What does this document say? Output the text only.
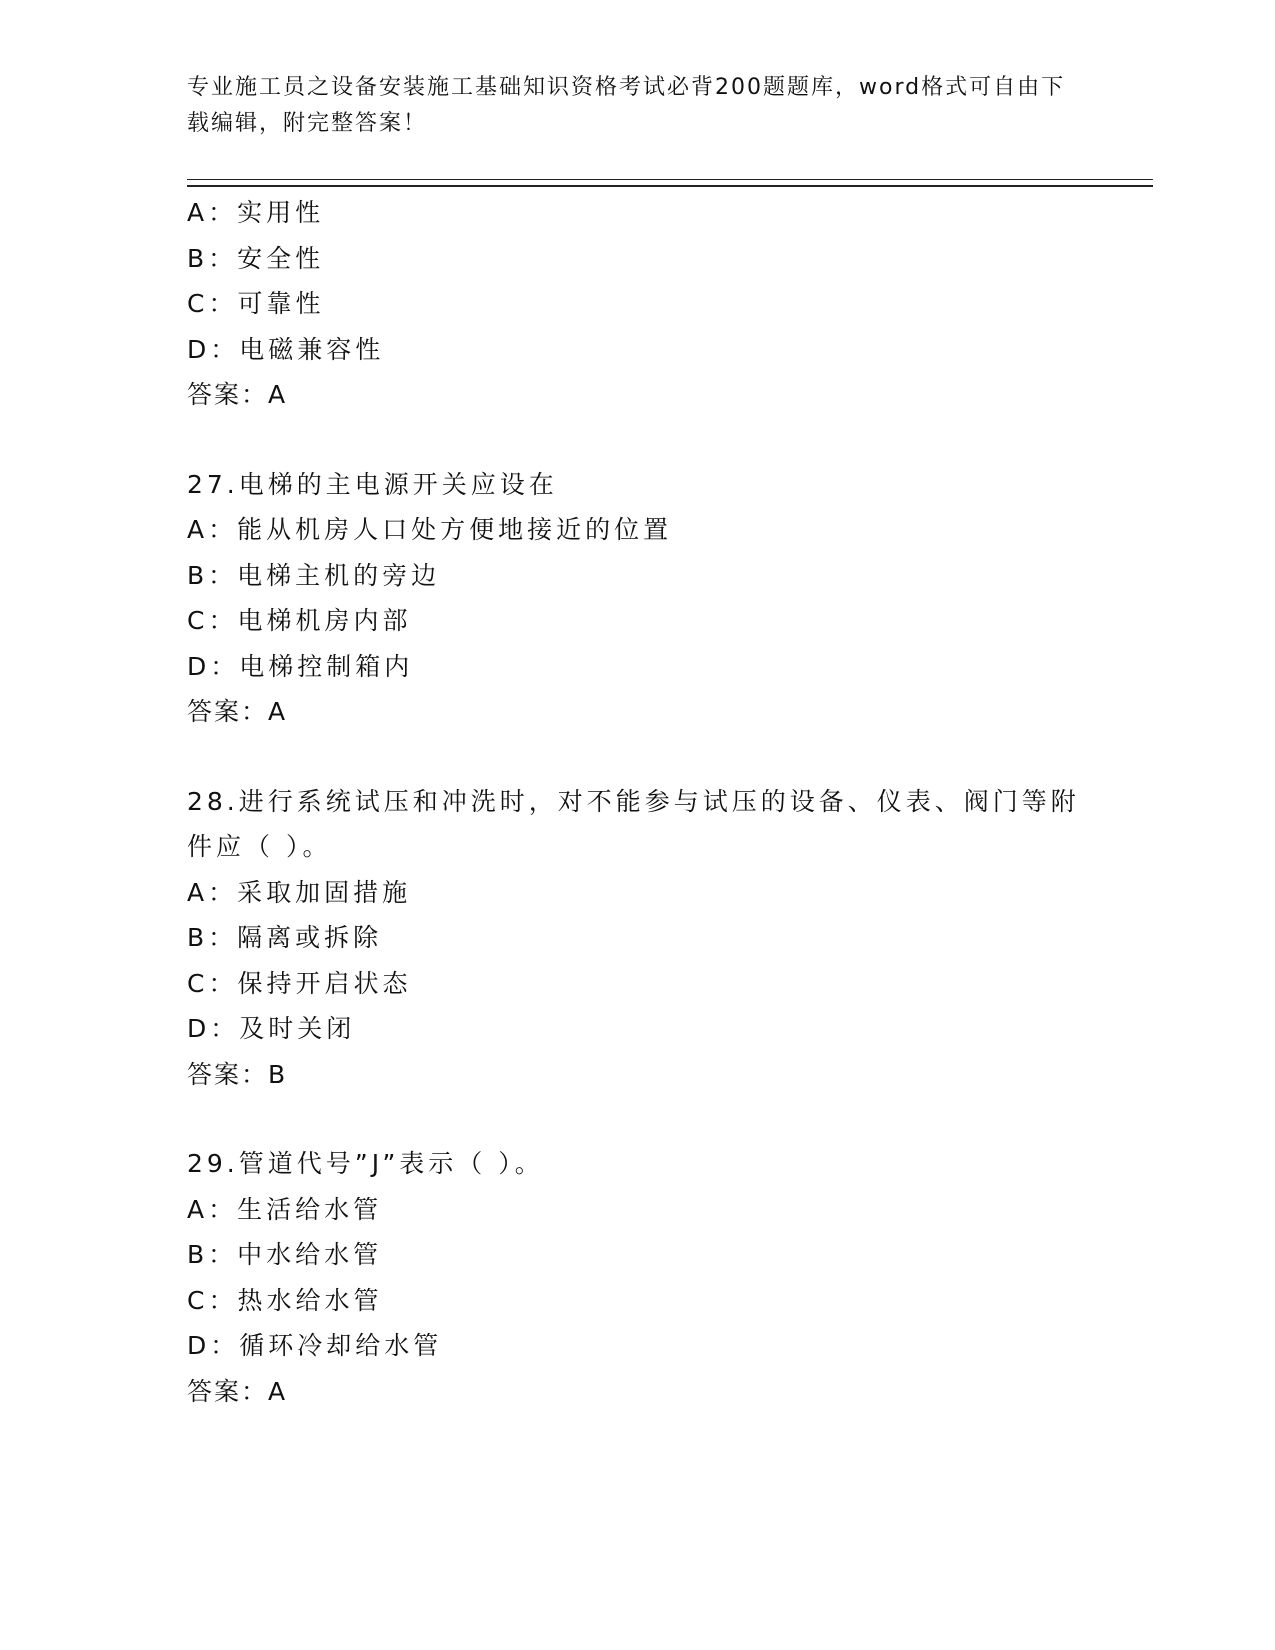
专业施工员之设备安装施工基础知识资格考试必背200题题库，word格式可自由下载编辑，附完整答案！
A：实用性
B：安全性
C：可靠性
D：电磁兼容性
答案：A
27.电梯的主电源开关应设在
A：能从机房人口处方便地接近的位置
B：电梯主机的旁边
C：电梯机房内部
D：电梯控制箱内
答案：A
28.进行系统试压和冲洗时，对不能参与试压的设备、仪表、阀门等附件应（ ）。
A：采取加固措施
B：隔离或拆除
C：保持开启状态
D：及时关闭
答案：B
29.管道代号”J”表示（ ）。
A：生活给水管
B：中水给水管
C：热水给水管
D：循环冷却给水管
答案：A
